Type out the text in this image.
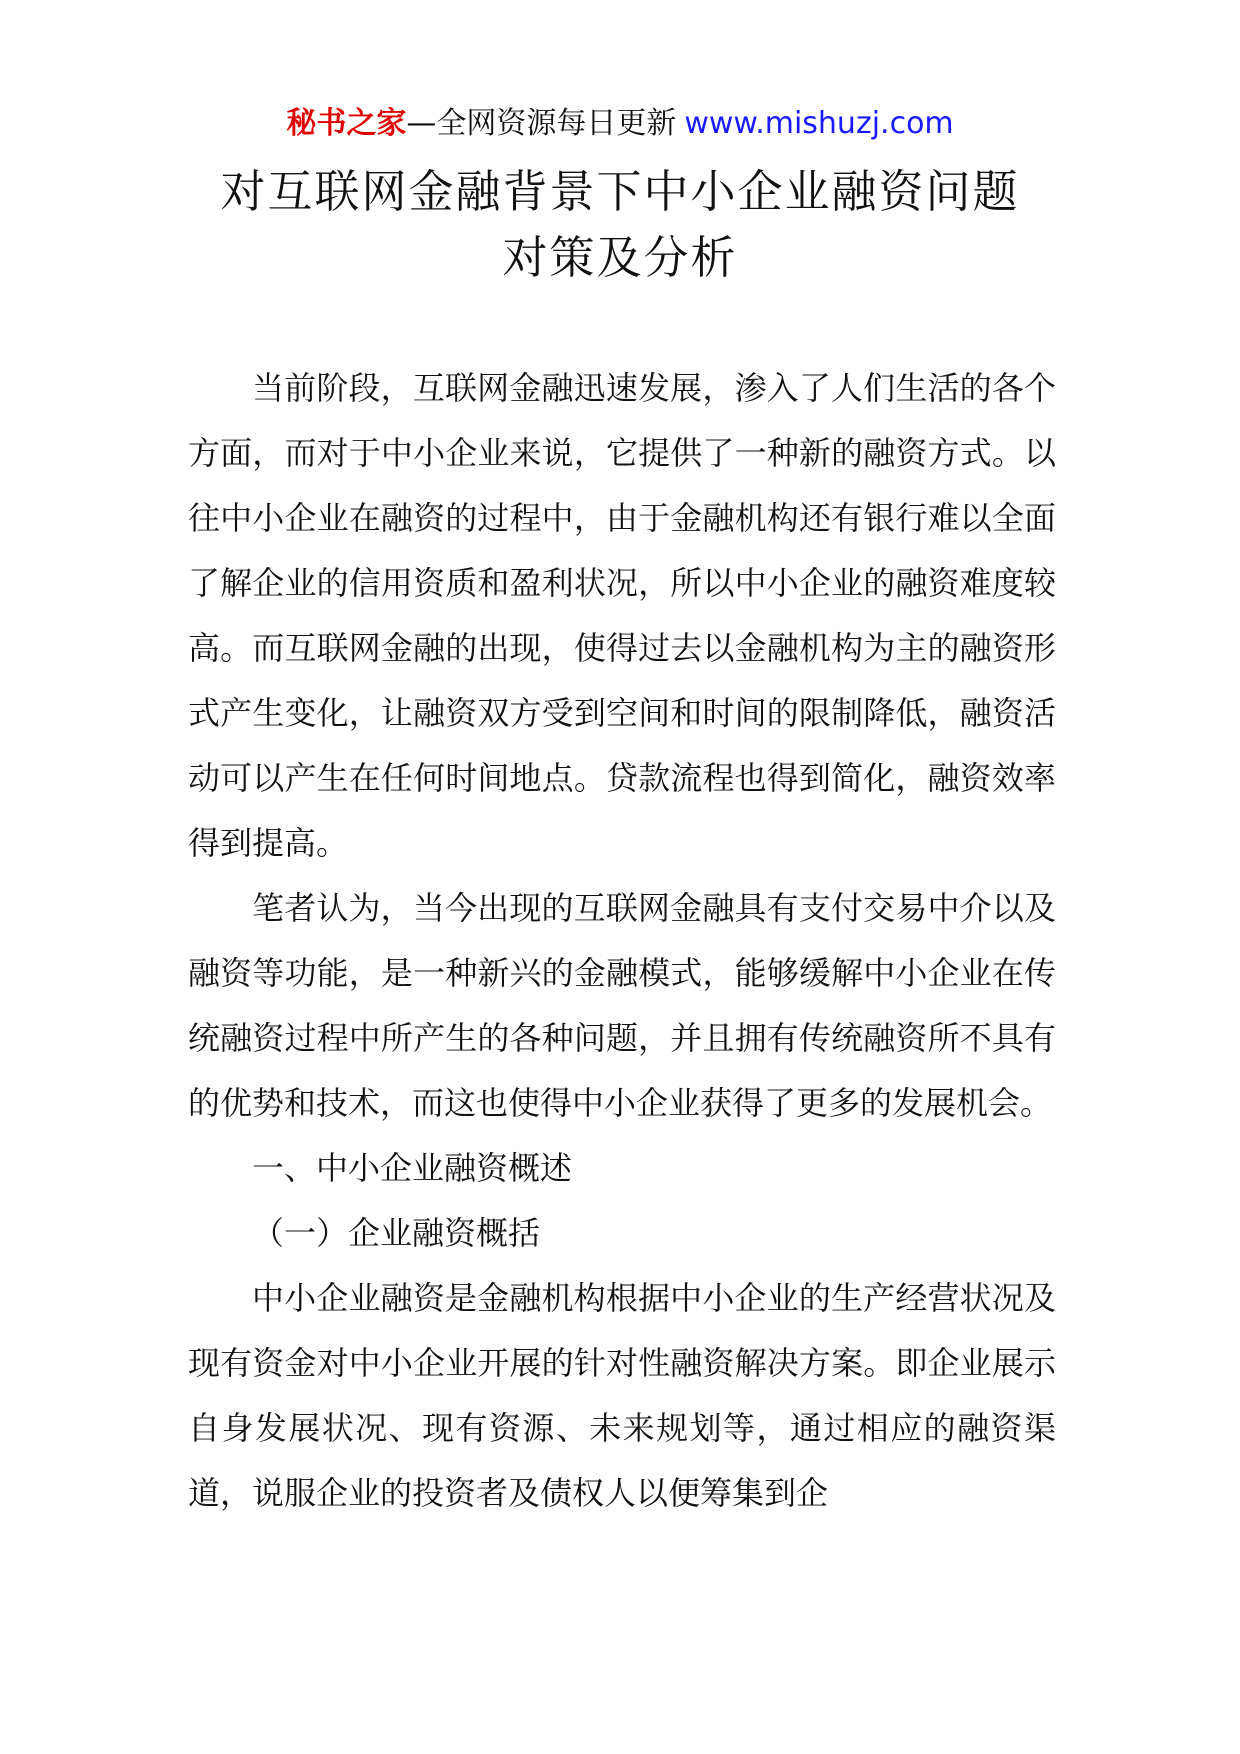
秘书之家—全网资源每日更新 www.mishuzj.com
对互联网金融背景下中小企业融资问题
对策及分析

当前阶段，互联网金融迅速发展，渗入了人们生活的各个方面，而对于中小企业来说，它提供了一种新的融资方式。以往中小企业在融资的过程中，由于金融机构还有银行难以全面了解企业的信用资质和盈利状况，所以中小企业的融资难度较高。而互联网金融的出现，使得过去以金融机构为主的融资形式产生变化，让融资双方受到空间和时间的限制降低，融资活动可以产生在任何时间地点。贷款流程也得到简化，融资效率得到提高。

笔者认为，当今出现的互联网金融具有支付交易中介以及融资等功能，是一种新兴的金融模式，能够缓解中小企业在传统融资过程中所产生的各种问题，并且拥有传统融资所不具有的优势和技术，而这也使得中小企业获得了更多的发展机会。

一、中小企业融资概述

（一）企业融资概括

中小企业融资是金融机构根据中小企业的生产经营状况及现有资金对中小企业开展的针对性融资解决方案。即企业展示自身发展状况、现有资源、未来规划等，通过相应的融资渠道，说服企业的投资者及债权人以便筹集到企
